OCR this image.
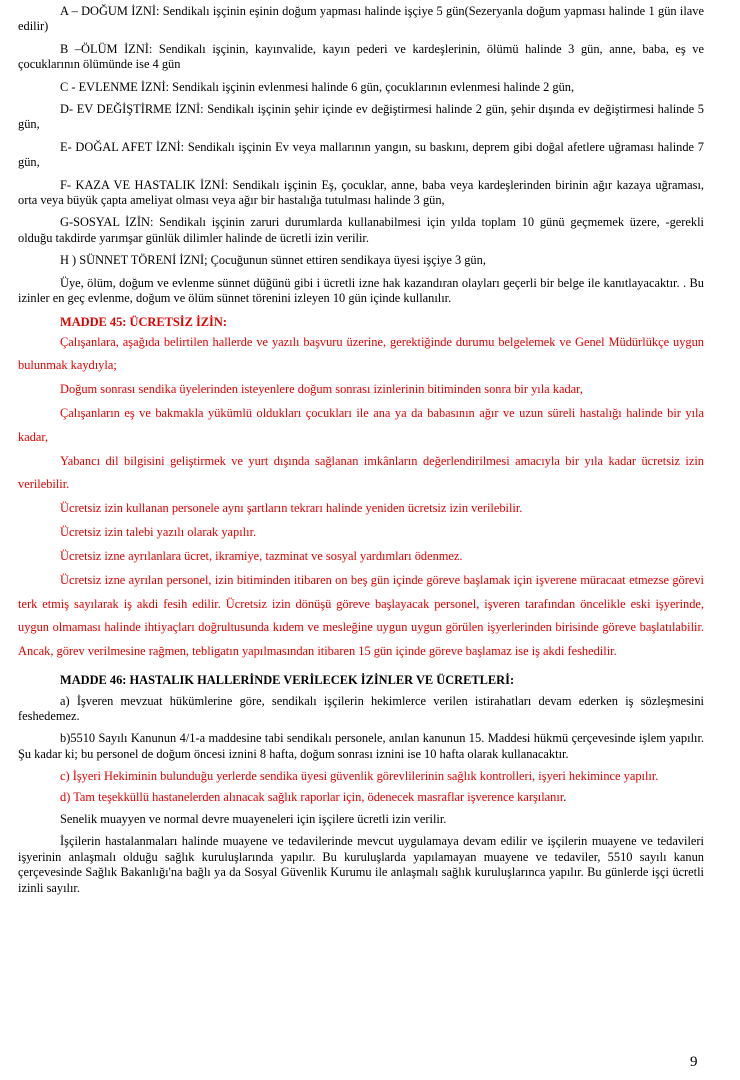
A – DOĞUM İZNİ: Sendikalı işçinin eşinin doğum yapması halinde işçiye 5 gün(Sezeryanla doğum yapması halinde 1 gün ilave edilir)

B –ÖLÜM İZNİ: Sendikalı işçinin, kayınvalide, kayın pederi ve kardeşlerinin, ölümü halinde 3 gün, anne, baba, eş ve çocuklarının ölümünde ise 4 gün

C - EVLENME İZNİ: Sendikalı işçinin evlenmesi halinde 6 gün, çocuklarının evlenmesi halinde 2 gün,

D- EV DEĞİŞTİRME İZNİ: Sendikalı işçinin şehir içinde ev değiştirmesi halinde 2 gün, şehir dışında ev değiştirmesi halinde 5 gün,

E- DOĞAL AFET İZNİ: Sendikalı işçinin Ev veya mallarının yangın, su baskını, deprem gibi doğal afetlere uğraması halinde 7 gün,

F- KAZA VE HASTALIK İZNİ: Sendikalı işçinin Eş, çocuklar, anne, baba veya kardeşlerinden birinin ağır kazaya uğraması, orta veya büyük çapta ameliyat olması veya ağır bir hastalığa tutulması halinde 3 gün,

G-SOSYAL İZİN: Sendikalı işçinin zaruri durumlarda kullanabilmesi için yılda toplam 10 günü geçmemek üzere, -gerekli olduğu takdirde yarımşar günlük dilimler halinde de ücretli izin verilir.

H ) SÜNNET TÖRENİ İZNİ; Çocuğunun sünnet ettiren sendikaya üyesi işçiye 3 gün,

Üye, ölüm, doğum ve evlenme sünnet düğünü gibi i ücretli izne hak kazandıran olayları geçerli bir belge ile kanıtlayacaktır. . Bu izinler en geç evlenme, doğum ve ölüm sünnet törenini izleyen 10 gün içinde kullanılır.

MADDE 45: ÜCRETSİZ İZİN:

Çalışanlara, aşağıda belirtilen hallerde ve yazılı başvuru üzerine, gerektiğinde durumu belgelemek ve Genel Müdürlükçe uygun bulunmak kaydıyla;

Doğum sonrası sendika üyelerinden isteyenlere doğum sonrası izinlerinin bitiminden sonra bir yıla kadar,

Çalışanların eş ve bakmakla yükümlü oldukları çocukları ile ana ya da babasının ağır ve uzun süreli hastalığı halinde bir yıla kadar,

Yabancı dil bilgisini geliştirmek ve yurt dışında sağlanan imkânların değerlendirilmesi amacıyla bir yıla kadar ücretsiz izin verilebilir.

Ücretsiz izin kullanan personele aynı şartların tekrarı halinde yeniden ücretsiz izin verilebilir.

Ücretsiz izin talebi yazılı olarak yapılır.

Ücretsiz izne ayrılanlara ücret, ikramiye, tazminat ve sosyal yardımları ödenmez.

Ücretsiz izne ayrılan personel, izin bitiminden itibaren on beş gün içinde göreve başlamak için işverene müracaat etmezse görevi terk etmiş sayılarak iş akdi fesih edilir. Ücretsiz izin dönüşü göreve başlayacak personel, işveren tarafından öncelikle eski işyerinde, uygun olmaması halinde ihtiyaçları doğrultusunda kıdem ve mesleğine uygun uygun görülen işyerlerinden birisinde göreve başlatılabilir. Ancak, görev verilmesine rağmen, tebligatın yapılmasından itibaren 15 gün içinde göreve başlamaz ise iş akdi feshedilir.

MADDE 46: HASTALIK HALLERİNDE VERİLECEK İZİNLER VE ÜCRETLERİ:

a) İşveren mevzuat hükümlerine göre, sendikalı işçilerin hekimlerce verilen istirahatları devam ederken iş sözleşmesini feshedemez.

b)5510 Sayılı Kanunun 4/1-a maddesine tabi sendikalı personele, anılan kanunun 15. Maddesi hükmü çerçevesinde işlem yapılır. Şu kadar ki; bu personel de doğum öncesi iznini 8 hafta, doğum sonrası iznini ise 10 hafta olarak kullanacaktır.

c) İşyeri Hekiminin bulunduğu yerlerde sendika üyesi güvenlik görevlilerinin sağlık kontrolleri, işyeri hekimince yapılır.

d) Tam teşekküllü hastanelerden alınacak sağlık raporlar için, ödenecek masraflar işverence karşılanır.

Senelik muayyen ve normal devre muayeneleri için işçilere ücretli izin verilir.

İşçilerin hastalanmaları halinde muayene ve tedavilerinde mevcut uygulamaya devam edilir ve işçilerin muayene ve tedavileri işyerinin anlaşmalı olduğu sağlık kuruluşlarında yapılır. Bu kuruluşlarda yapılamayan muayene ve tedaviler, 5510 sayılı kanun çerçevesinde Sağlık Bakanlığı'na bağlı ya da Sosyal Güvenlik Kurumu ile anlaşmalı sağlık kuruluşlarınca yapılır. Bu günlerde işçi ücretli izinli sayılır.

9
